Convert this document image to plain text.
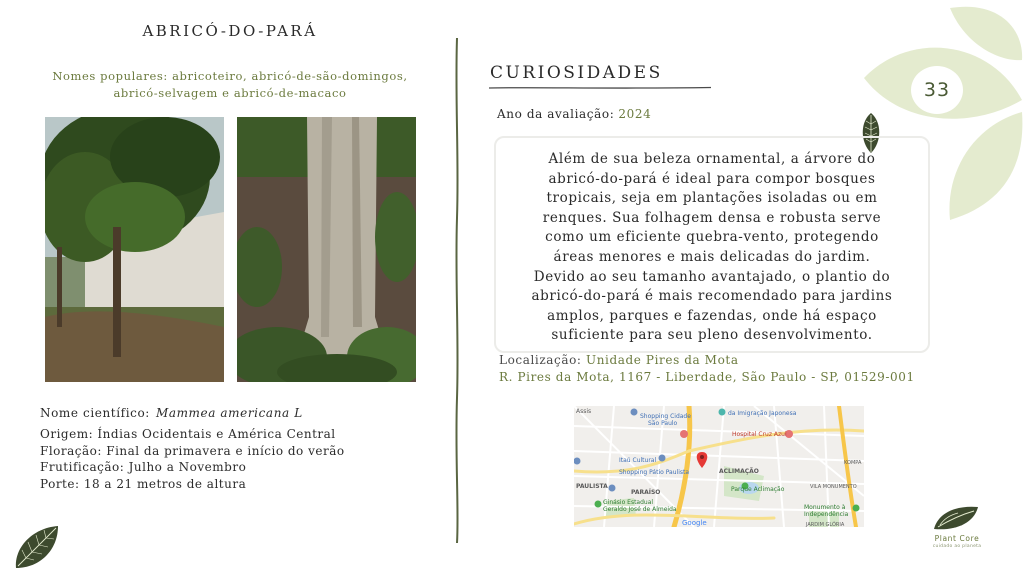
33
ABRICÓ-DO-PARÁ
Nomes populares: abricoteiro, abricó-de-são-domingos,
abricó-selvagem e abricó-de-macaco
Nome científico: Mammea americana L
Origem: Índias Ocidentais e América Central
Floração: Final da primavera e início do verão
Frutificação: Julho a Novembro
Porte: 18 a 21 metros de altura
CURIOSIDADES
Ano da avaliação: 2024
Além de sua beleza ornamental, a árvore do
abricó-do-pará é ideal para compor bosques
tropicais, seja em plantações isoladas ou em
renques. Sua folhagem densa e robusta serve
como um eficiente quebra-vento, protegendo
áreas menores e mais delicadas do jardim.
Devido ao seu tamanho avantajado, o plantio do
abricó-do-pará é mais recomendado para jardins
amplos, parques e fazendas, onde há espaço
suficiente para seu pleno desenvolvimento.
Localização: Unidade Pires da Mota
R. Pires da Mota, 1167 - Liberdade, São Paulo - SP, 01529-001
Assis
Shopping Cidade
São Paulo
da Imigração Japonesa
Hospital Cruz Azul
Itaú Cultural
Shopping Pátio Paulista	ACLIMAÇÃO
PAULISTA
PARAÍSO	Parque Aclimação	VILA MONUMENTO
Ginásio Estadual
Geraldo José de Almeida	Monumento à
Independência
JARDIM GLÓRIA
KOMPA
Google
Plant Core
cuidado ao planeta
